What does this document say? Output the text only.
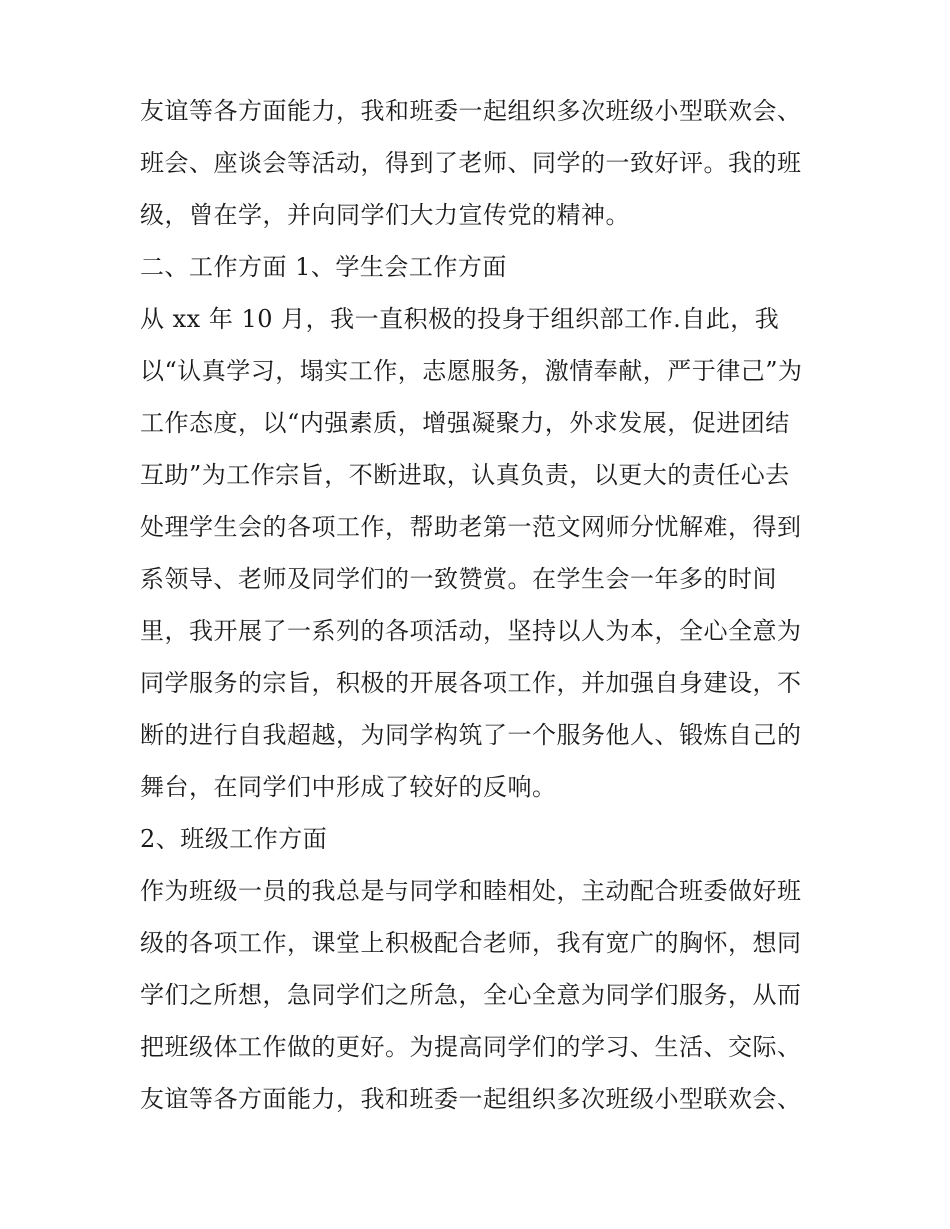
友谊等各方面能力，我和班委一起组织多次班级小型联欢会、
班会、座谈会等活动，得到了老师、同学的一致好评。我的班
级，曾在学，并向同学们大力宣传党的精神。
二、工作方面 1、学生会工作方面
从 xx 年 10 月，我一直积极的投身于组织部工作.自此，我
以“认真学习，塌实工作，志愿服务，激情奉献，严于律己”为
工作态度，以“内强素质，增强凝聚力，外求发展，促进团结
互助”为工作宗旨，不断进取，认真负责，以更大的责任心去
处理学生会的各项工作，帮助老第一范文网师分忧解难，得到
系领导、老师及同学们的一致赞赏。在学生会一年多的时间
里，我开展了一系列的各项活动，坚持以人为本，全心全意为
同学服务的宗旨，积极的开展各项工作，并加强自身建设，不
断的进行自我超越，为同学构筑了一个服务他人、锻炼自己的
舞台，在同学们中形成了较好的反响。
2、班级工作方面
作为班级一员的我总是与同学和睦相处，主动配合班委做好班
级的各项工作，课堂上积极配合老师，我有宽广的胸怀，想同
学们之所想，急同学们之所急，全心全意为同学们服务，从而
把班级体工作做的更好。为提高同学们的学习、生活、交际、
友谊等各方面能力，我和班委一起组织多次班级小型联欢会、
